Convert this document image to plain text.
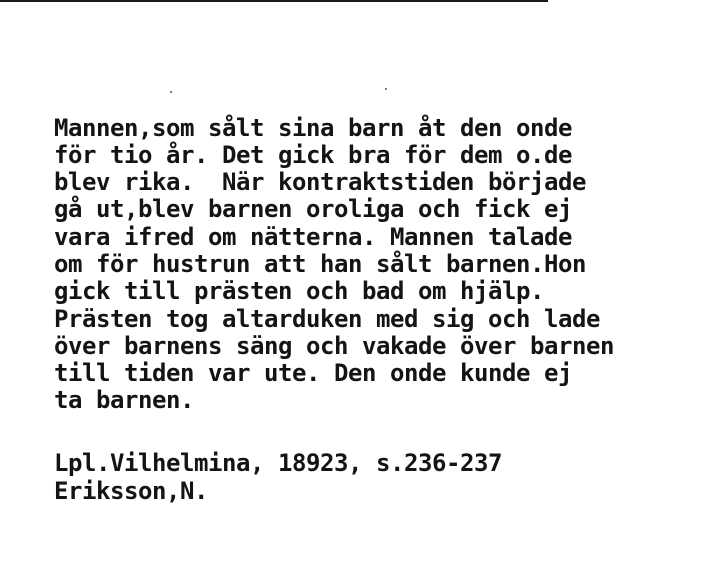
Mannen,som sålt sina barn åt den onde

för tio år. Det gick bra för dem o.de

blev rika.  När kontraktstiden började

gå ut,blev barnen oroliga och fick ej

vara ifred om nätterna. Mannen talade

om för hustrun att han sålt barnen.Hon

gick till prästen och bad om hjälp.

Prästen tog altarduken med sig och lade

över barnens säng och vakade över barnen

till tiden var ute. Den onde kunde ej

ta barnen.

Lpl.Vilhelmina, 18923, s.236-237

Eriksson,N.
